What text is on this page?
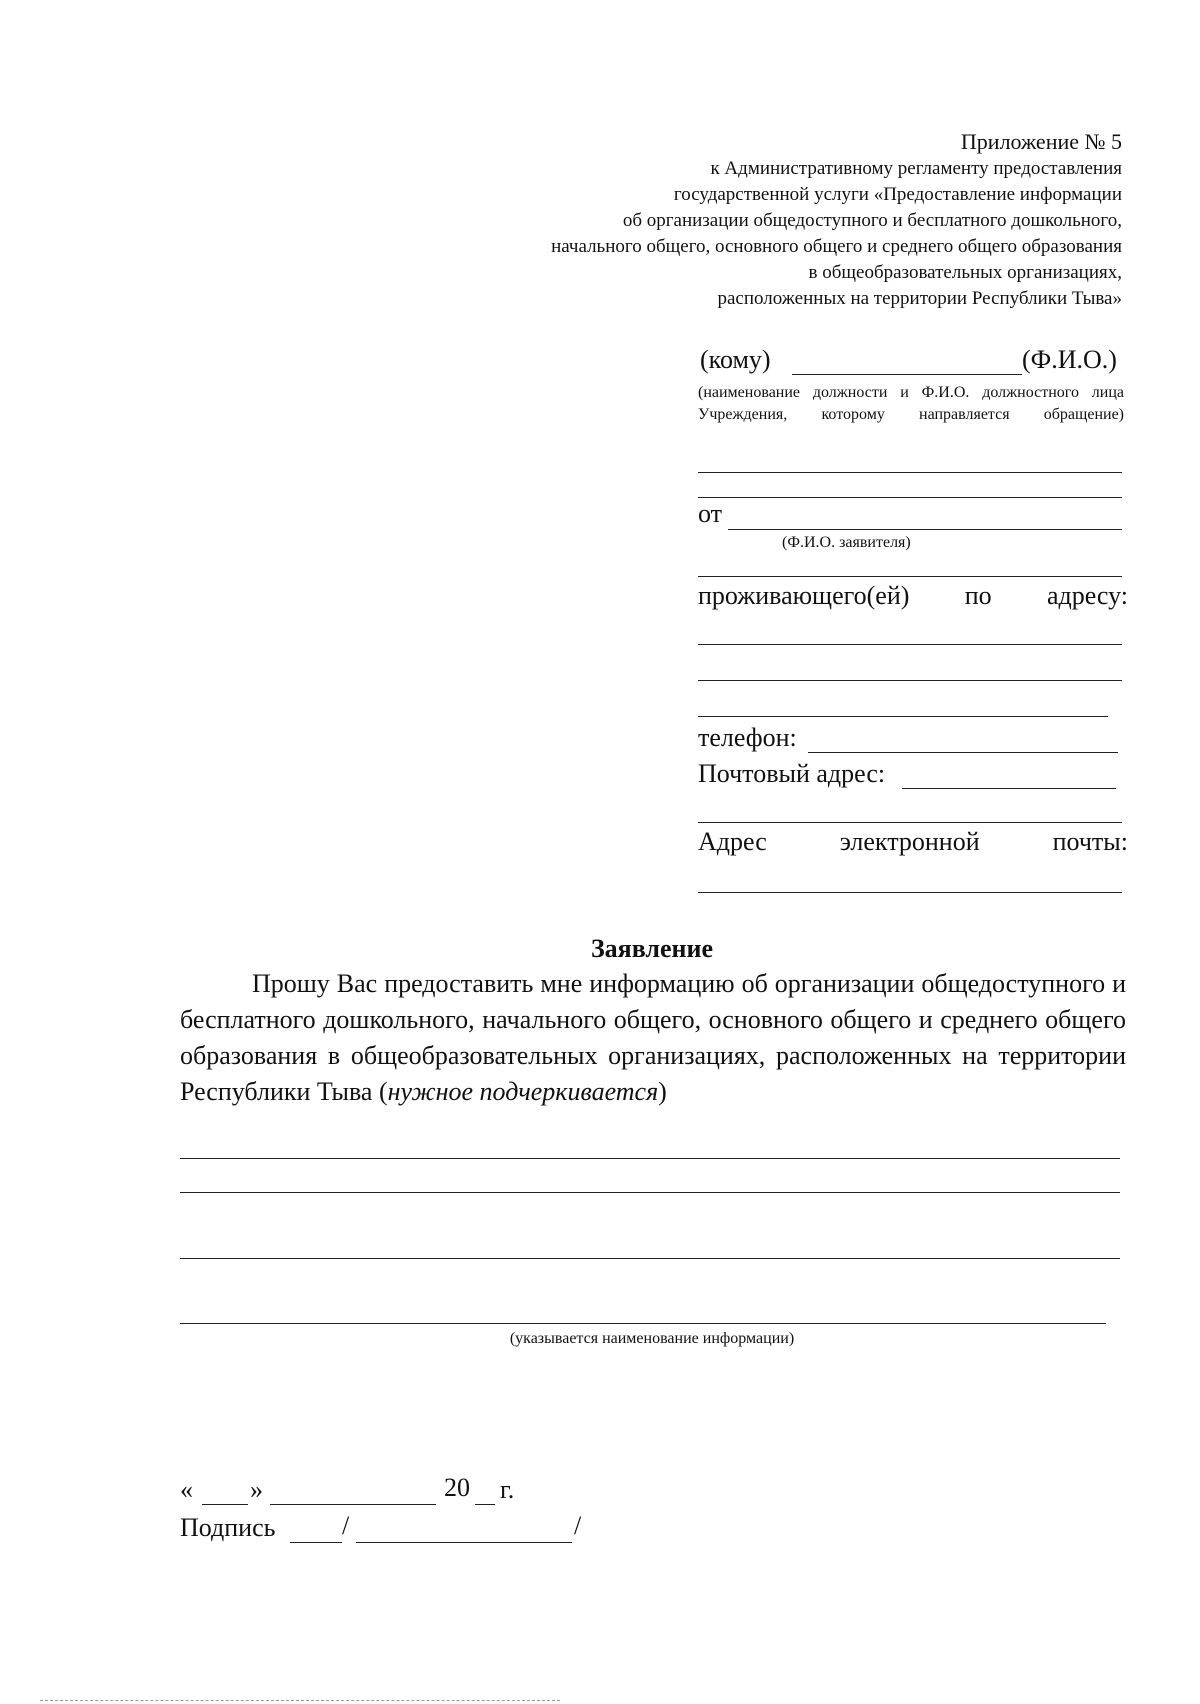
Приложение № 5
к Административному регламенту предоставления
государственной услуги «Предоставление информации
об организации общедоступного и бесплатного дошкольного,
начального общего, основного общего и среднего общего образования
в общеобразовательных организациях,
расположенных на территории Республики Тыва»
(кому)	(Ф.И.О.)
(наименование должности и Ф.И.О. должностного лица Учреждения, которому направляется обращение)
от
(Ф.И.О. заявителя)
проживающего(ей) по адресу:
телефон:
Почтовый адрес:
Адрес электронной почты:
Заявление
Прошу Вас предоставить мне информацию об организации общедоступного и бесплатного дошкольного, начального общего, основного общего и среднего общего образования в общеобразовательных организациях, расположенных на территории Республики Тыва (нужное подчеркивается)
(указывается наименование информации)
« »	20 г.
Подпись	/	/
